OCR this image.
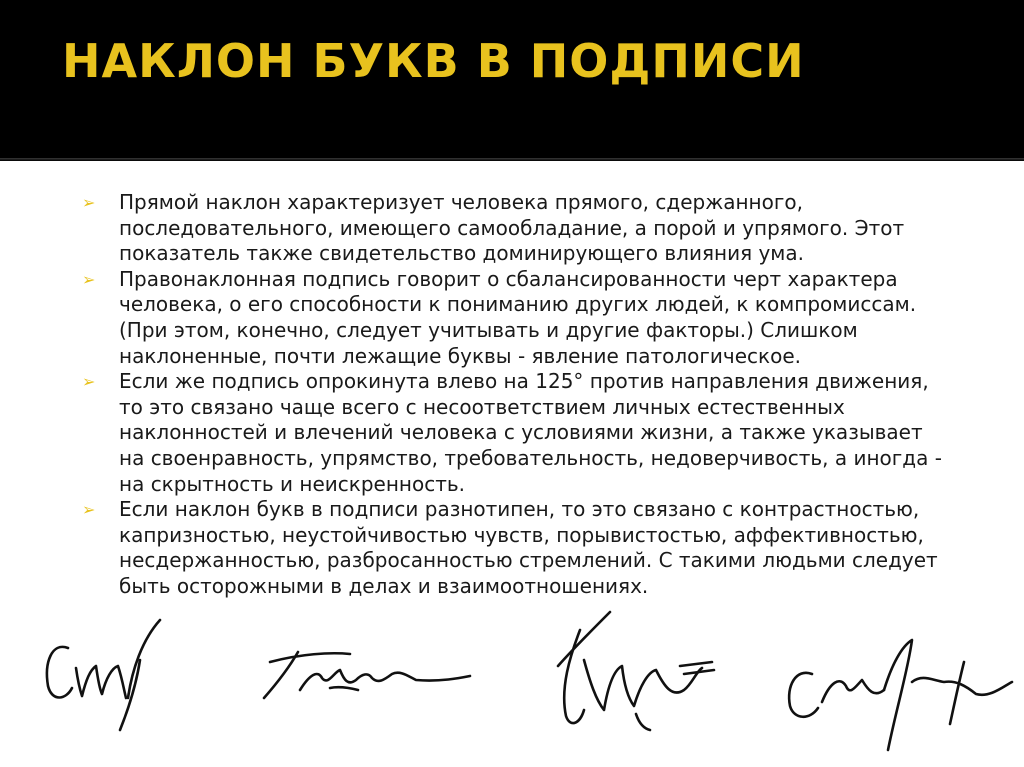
НАКЛОН БУКВ В ПОДПИСИ
➢ Прямой наклон характеризует человека прямого, сдержанного,
последовательного, имеющего самообладание, а порой и упрямого. Этот
показатель также свидетельство доминирующего влияния ума.
➢ Правонаклонная подпись говорит о сбалансированности черт характера
человека, о его способности к пониманию других людей, к компромиссам.
(При этом, конечно, следует учитывать и другие факторы.) Слишком
наклоненные, почти лежащие буквы - явление патологическое.
➢ Если же подпись опрокинута влево на 125° против направления движения,
то это связано чаще всего с несоответствием личных естественных
наклонностей и влечений человека с условиями жизни, а также указывает
на своенравность, упрямство, требовательность, недоверчивость, а иногда -
на скрытность и неискренность.
➢ Если наклон букв в подписи разнотипен, то это связано с контрастностью,
капризностью, неустойчивостью чувств, порывистостью, аффективностью,
несдержанностью, разбросанностью стремлений. С такими людьми следует
быть осторожными в делах и взаимоотношениях.
